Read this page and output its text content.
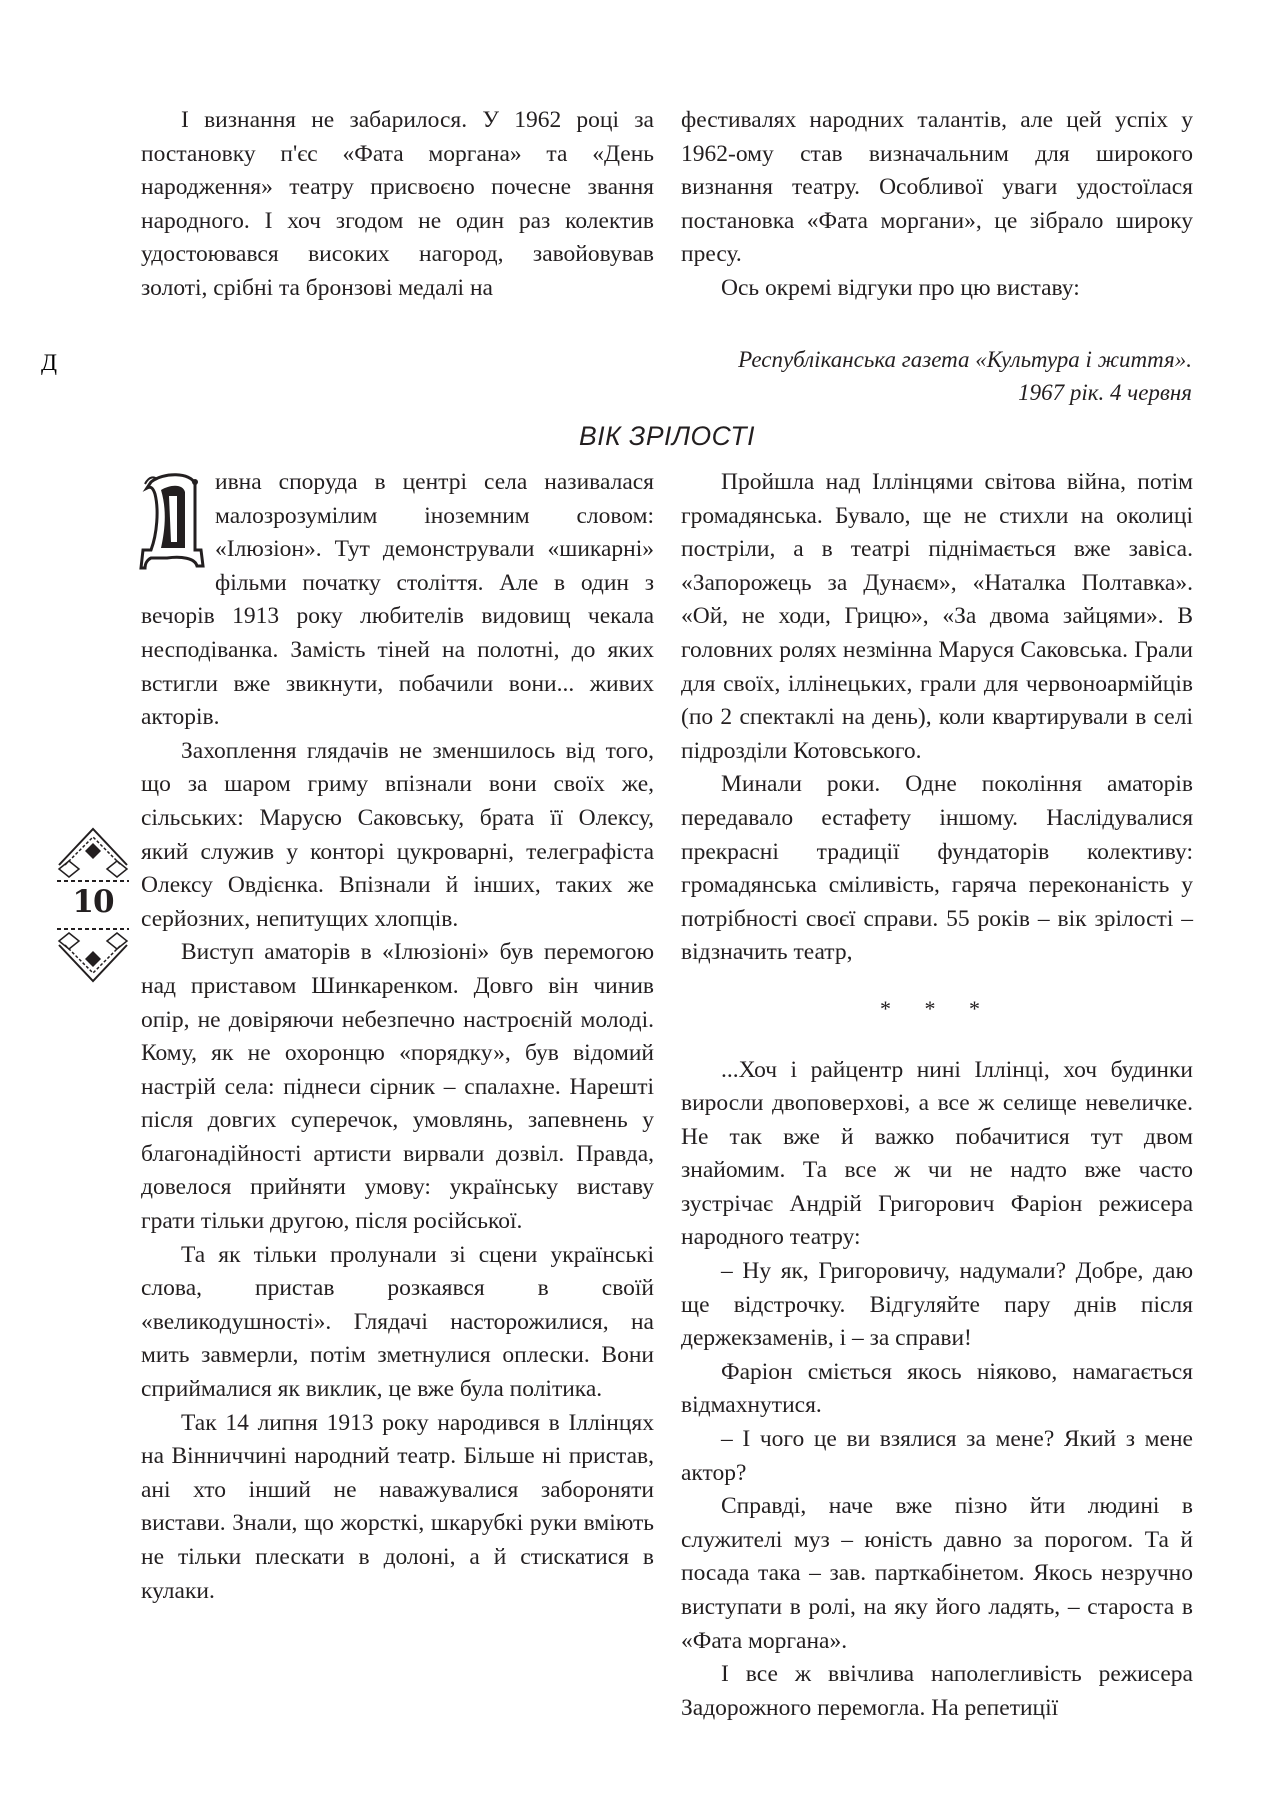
І визнання не забарилося. У 1962 році за постановку п'єс «Фата моргана» та «День народження» театру присвоєно почесне звання народного. І хоч згодом не один раз колектив удостоювався високих нагород, завойовував золоті, срібні та бронзові медалі на

фестивалях народних талантів, але цей успіх у 1962-ому став визначальним для широкого визнання театру. Особливої уваги удостоїлася постановка «Фата моргани», це зібрало широку пресу.

Ось окремі відгуки про цю виставу:

Республіканська газета «Культура і життя».
1967 рік. 4 червня
ВІК ЗРІЛОСТІ

Д
ивна споруда в центрі села називалася малозрозумілим іноземним словом: «Ілюзіон». Тут демонстрували «шикарні» фільми початку століття. Але в один з вечорів 1913 року любителів видовищ чекала несподіванка. Замість тіней на полотні, до яких встигли вже звикнути, побачили вони... живих акторів.

Захоплення глядачів не зменшилось від того, що за шаром гриму впізнали вони своїх же, сільських: Марусю Саковську, брата її Олексу, який служив у конторі цукроварні, телеграфіста Олексу Овдієнка. Впізнали й інших, таких же серйозних, непитущих хлопців.

Виступ аматорів в «Ілюзіоні» був перемогою над приставом Шинкаренком. Довго він чинив опір, не довіряючи небезпечно настроєній молоді. Кому, як не охоронцю «порядку», був відомий настрій села: піднеси сірник – спалахне. Нарешті після довгих суперечок, умовлянь, запевнень у благонадійності артисти вирвали дозвіл. Правда, довелося прийняти умову: українську виставу грати тільки другою, після російської.

Та як тільки пролунали зі сцени українські слова, пристав розкаявся в своїй «великодушності». Глядачі насторожилися, на мить завмерли, потім зметнулися оплески. Вони сприймалися як виклик, це вже була політика.

Так 14 липня 1913 року народився в Іллінцях на Вінниччині народний театр. Більше ні пристав, ані хто інший не наважувалися забороняти вистави. Знали, що жорсткі, шкарубкі руки вміють не тільки плескати в долоні, а й стискатися в кулаки.

Пройшла над Іллінцями світова війна, потім громадянська. Бувало, ще не стихли на околиці постріли, а в театрі піднімається вже завіса. «Запорожець за Дунаєм», «Наталка Полтавка». «Ой, не ходи, Грицю», «За двома зайцями». В головних ролях незмінна Маруся Саковська. Грали для своїх, іллінецьких, грали для червоноармійців (по 2 спектаклі на день), коли квартирували в селі підрозділи Котовського.

Минали роки. Одне покоління аматорів передавало естафету іншому. Наслідувалися прекрасні традиції фундаторів колективу: громадянська сміливість, гаряча переконаність у потрібності своєї справи. 55 років – вік зрілості – відзначить театр,

* * *

...Хоч і райцентр нині Іллінці, хоч будинки виросли двоповерхові, а все ж селище невеличке. Не так вже й важко побачитися тут двом знайомим. Та все ж чи не надто вже часто зустрічає Андрій Григорович Фаріон режисера народного театру:

– Ну як, Григоровичу, надумали? Добре, даю ще відстрочку. Відгуляйте пару днів після держекзаменів, і – за справи!

Фаріон сміється якось ніяково, намагається відмахнутися.

– І чого це ви взялися за мене? Який з мене актор?

Справді, наче вже пізно йти людині в служителі муз – юність давно за порогом. Та й посада така – зав. парткабінетом. Якось незручно виступати в ролі, на яку його ладять, – староста в «Фата моргана».

І все ж ввічлива наполегливість режисера Задорожного перемогла. На репетиції

10
